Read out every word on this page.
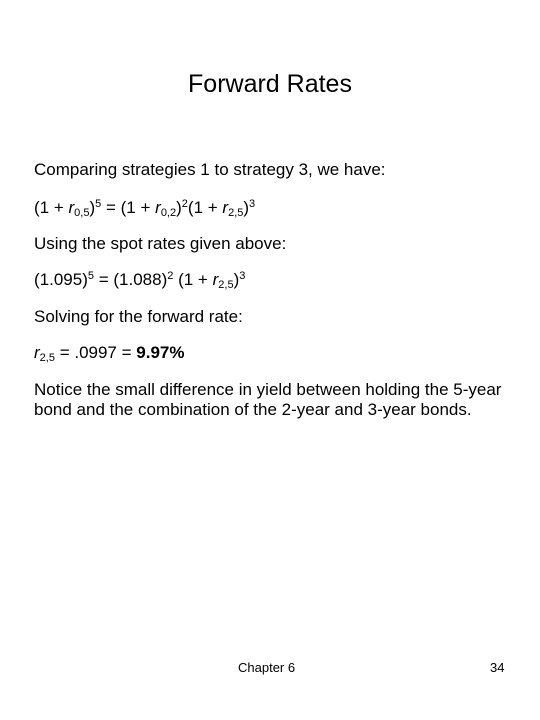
Forward Rates
Comparing strategies 1 to strategy 3, we have:
$(1 + r_{0,5})^5 = (1 + r_{0,2})^2(1 + r_{2,5})^3$
Using the spot rates given above:
$(1.095)^5 = (1.088)^2$ $(1 + r_{2,5})^3$
Solving for the forward rate:
$r_{2,5} = .0997 = 9.97\%$
Notice the small difference in yield between holding the 5-year bond and the combination of the 2-year and 3-year bonds.
Chapter 6	34
